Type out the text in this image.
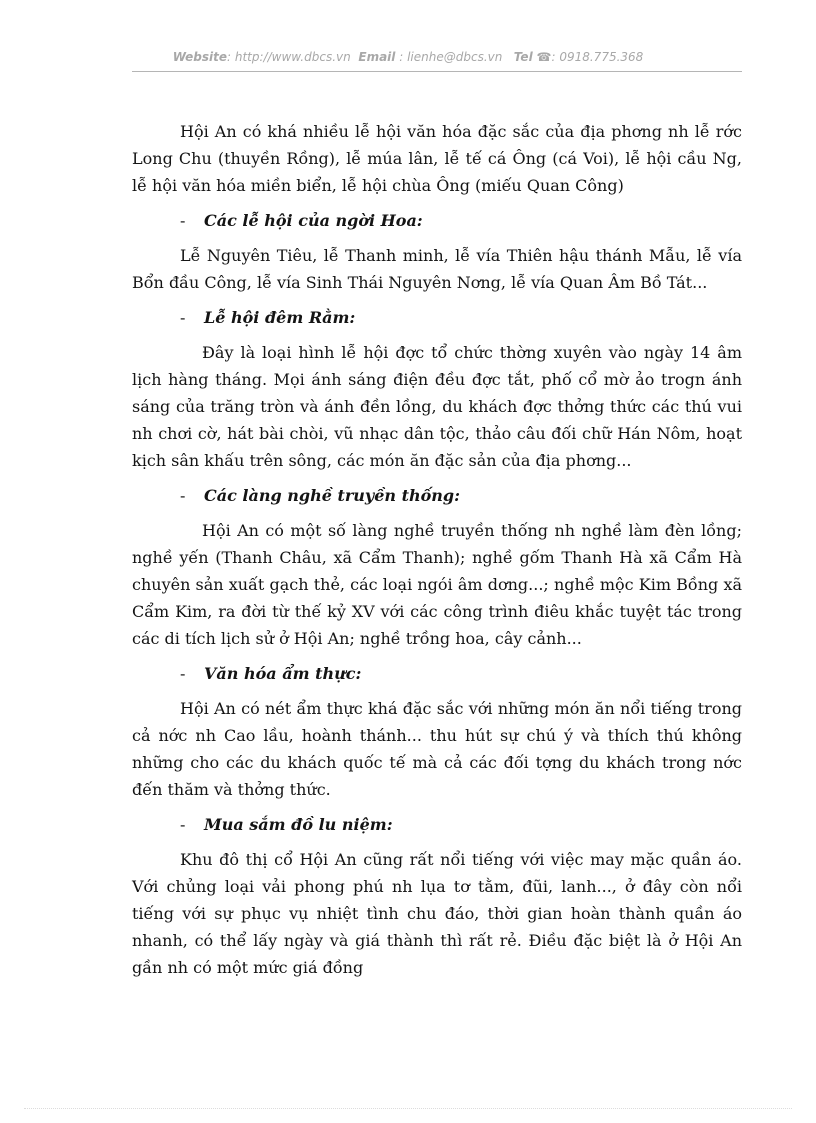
Website: http://www.dbcs.vn Email : lienhe@dbcs.vn Tel ☎: 0918.775.368

Hội An có khá nhiều lễ hội văn hóa đặc sắc của địa phơng nh lễ rớc Long Chu (thuyền Rồng), lễ múa lân, lễ tế cá Ông (cá Voi), lễ hội cầu Ng, lễ hội văn hóa miền biển, lễ hội chùa Ông (miếu Quan Công)

- Các lễ hội của ngời Hoa:

Lễ Nguyên Tiêu, lễ Thanh minh, lễ vía Thiên hậu thánh Mẫu, lễ vía Bổn đầu Công, lễ vía Sinh Thái Nguyên Nơng, lễ vía Quan Âm Bồ Tát...

- Lễ hội đêm Rằm:

Đây là loại hình lễ hội đợc tổ chức thờng xuyên vào ngày 14 âm lịch hàng tháng. Mọi ánh sáng điện đều đợc tắt, phố cổ mờ ảo trogn ánh sáng của trăng tròn và ánh đền lồng, du khách đợc thởng thức các thú vui nh chơi cờ, hát bài chòi, vũ nhạc dân tộc, thảo câu đối chữ Hán Nôm, hoạt kịch sân khấu trên sông, các món ăn đặc sản của địa phơng...

- Các làng nghề truyền thống:

Hội An có một số làng nghề truyền thống nh nghề làm đèn lồng; nghề yến (Thanh Châu, xã Cẩm Thanh); nghề gốm Thanh Hà xã Cẩm Hà chuyên sản xuất gạch thẻ, các loại ngói âm dơng...; nghề mộc Kim Bồng xã Cẩm Kim, ra đời từ thế kỷ XV với các công trình điêu khắc tuyệt tác trong các di tích lịch sử ở Hội An; nghề trồng hoa, cây cảnh...

- Văn hóa ẩm thực:

Hội An có nét ẩm thực khá đặc sắc với những món ăn nổi tiếng trong cả nớc nh Cao lầu, hoành thánh... thu hút sự chú ý và thích thú không những cho các du khách quốc tế mà cả các đối tợng du khách trong nớc đến thăm và thởng thức.

- Mua sắm đồ lu niệm:

Khu đô thị cổ Hội An cũng rất nổi tiếng với việc may mặc quần áo. Với chủng loại vải phong phú nh lụa tơ tằm, đũi, lanh..., ở đây còn nổi tiếng với sự phục vụ nhiệt tình chu đáo, thời gian hoàn thành quần áo nhanh, có thể lấy ngày và giá thành thì rất rẻ. Điều đặc biệt là ở Hội An gần nh có một mức giá đồng
